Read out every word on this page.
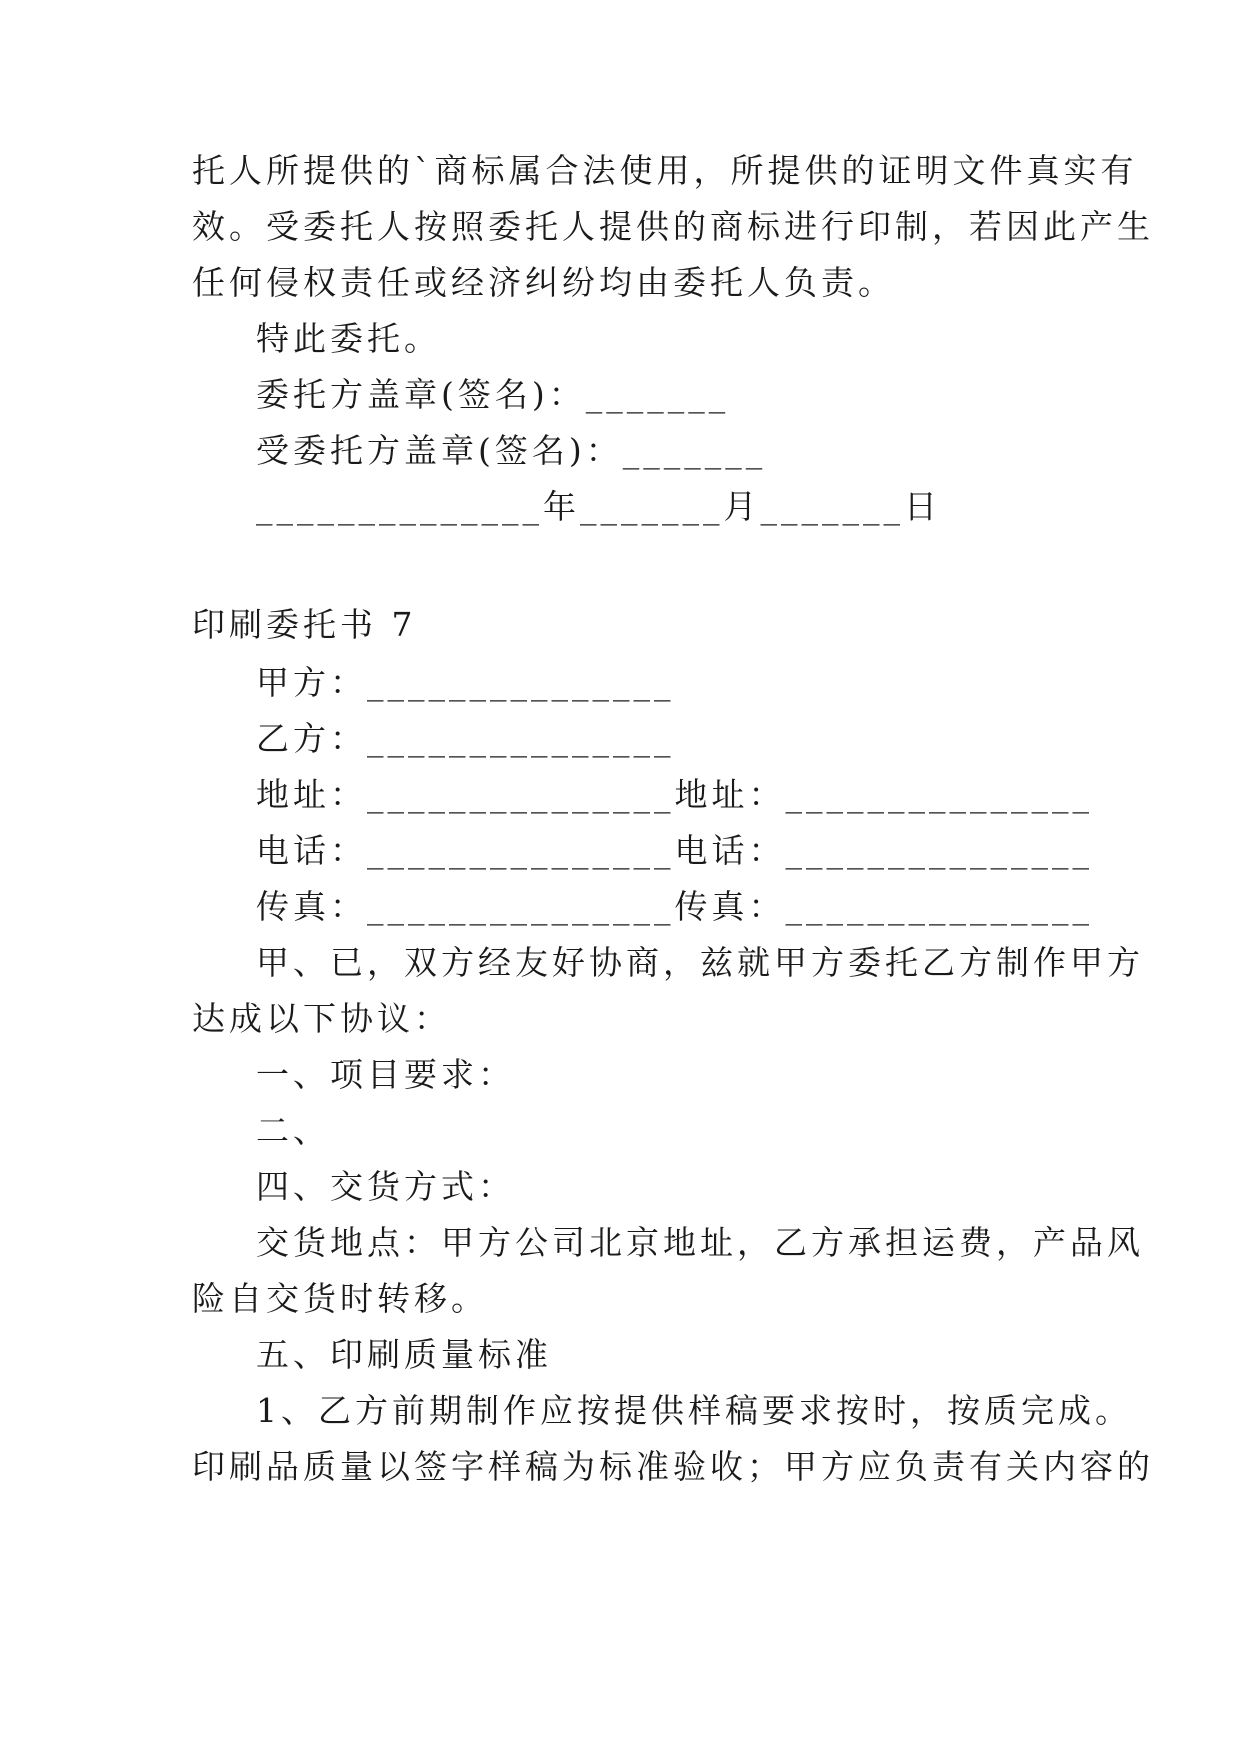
托人所提供的`商标属合法使用，所提供的证明文件真实有
效。受委托人按照委托人提供的商标进行印制，若因此产生
任何侵权责任或经济纠纷均由委托人负责。
特此委托。
委托方盖章(签名)：_______
受委托方盖章(签名)：_______
______________年_______月_______日
印刷委托书 7
甲方：_______________
乙方：_______________
地址：_______________地址：_______________
电话：_______________电话：_______________
传真：_______________传真：_______________
甲、已，双方经友好协商，兹就甲方委托乙方制作甲方
达成以下协议：
一、项目要求：
二、
四、交货方式：
交货地点：甲方公司北京地址，乙方承担运费，产品风
险自交货时转移。
五、印刷质量标准
1、乙方前期制作应按提供样稿要求按时，按质完成。
印刷品质量以签字样稿为标准验收；甲方应负责有关内容的
